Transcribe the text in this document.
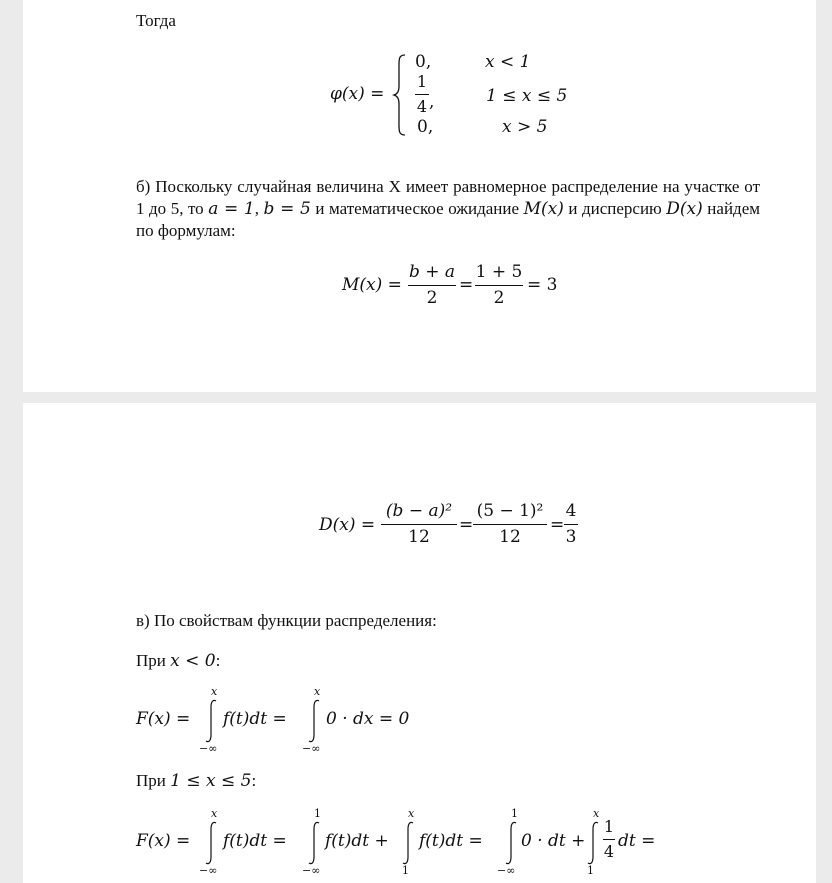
Тогда
φ(x) =
0,	x < 1
1
4 ,	1 ≤ x ≤ 5
0,	x > 5
б) Поскольку случайная величина X имеет равномерное распределение на участке от 1 до 5, то a = 1, b = 5 и математическое ожидание M(x) и дисперсию D(x) найдем по формулам:
M(x) =
b + a
2
=
1 + 5
2
= 3
D(x) =
(b − a)²
12
=
(5 − 1)²
12
=
4
3
в) По свойствам функции распределения:
При x < 0:
F(x) =
x
−∞
f(t)dt =
x
−∞
0 · dx = 0
При 1 ≤ x ≤ 5:
F(x) =
x
−∞
f(t)dt =
1
−∞
f(t)dt +
x
1
f(t)dt =
1
−∞
0 · dt +
x
1
1
4
dt =
